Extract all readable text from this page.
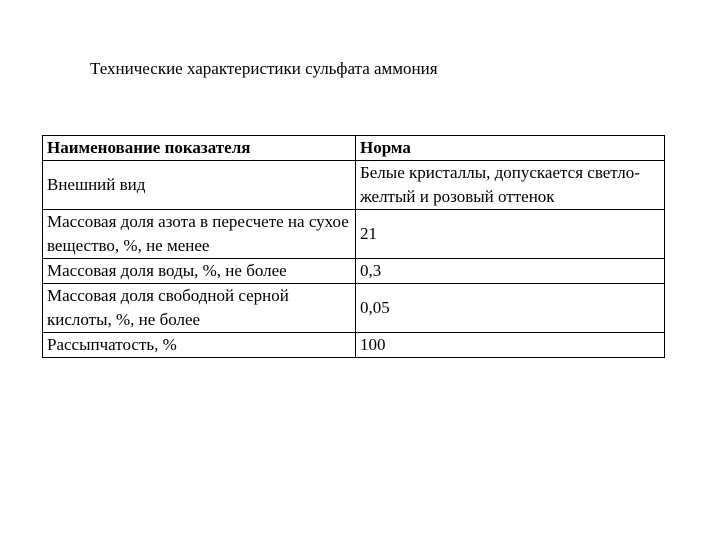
Технические характеристики сульфата аммония
Наименование показателя	Норма
Внешний вид	Белые кристаллы, допускается светло-желтый и розовый оттенок
Массовая доля азота в пересчете на сухое вещество, %, не менее	21
Массовая доля воды, %, не более	0,3
Массовая доля свободной серной кислоты, %, не более	0,05
Рассыпчатость, %	100
